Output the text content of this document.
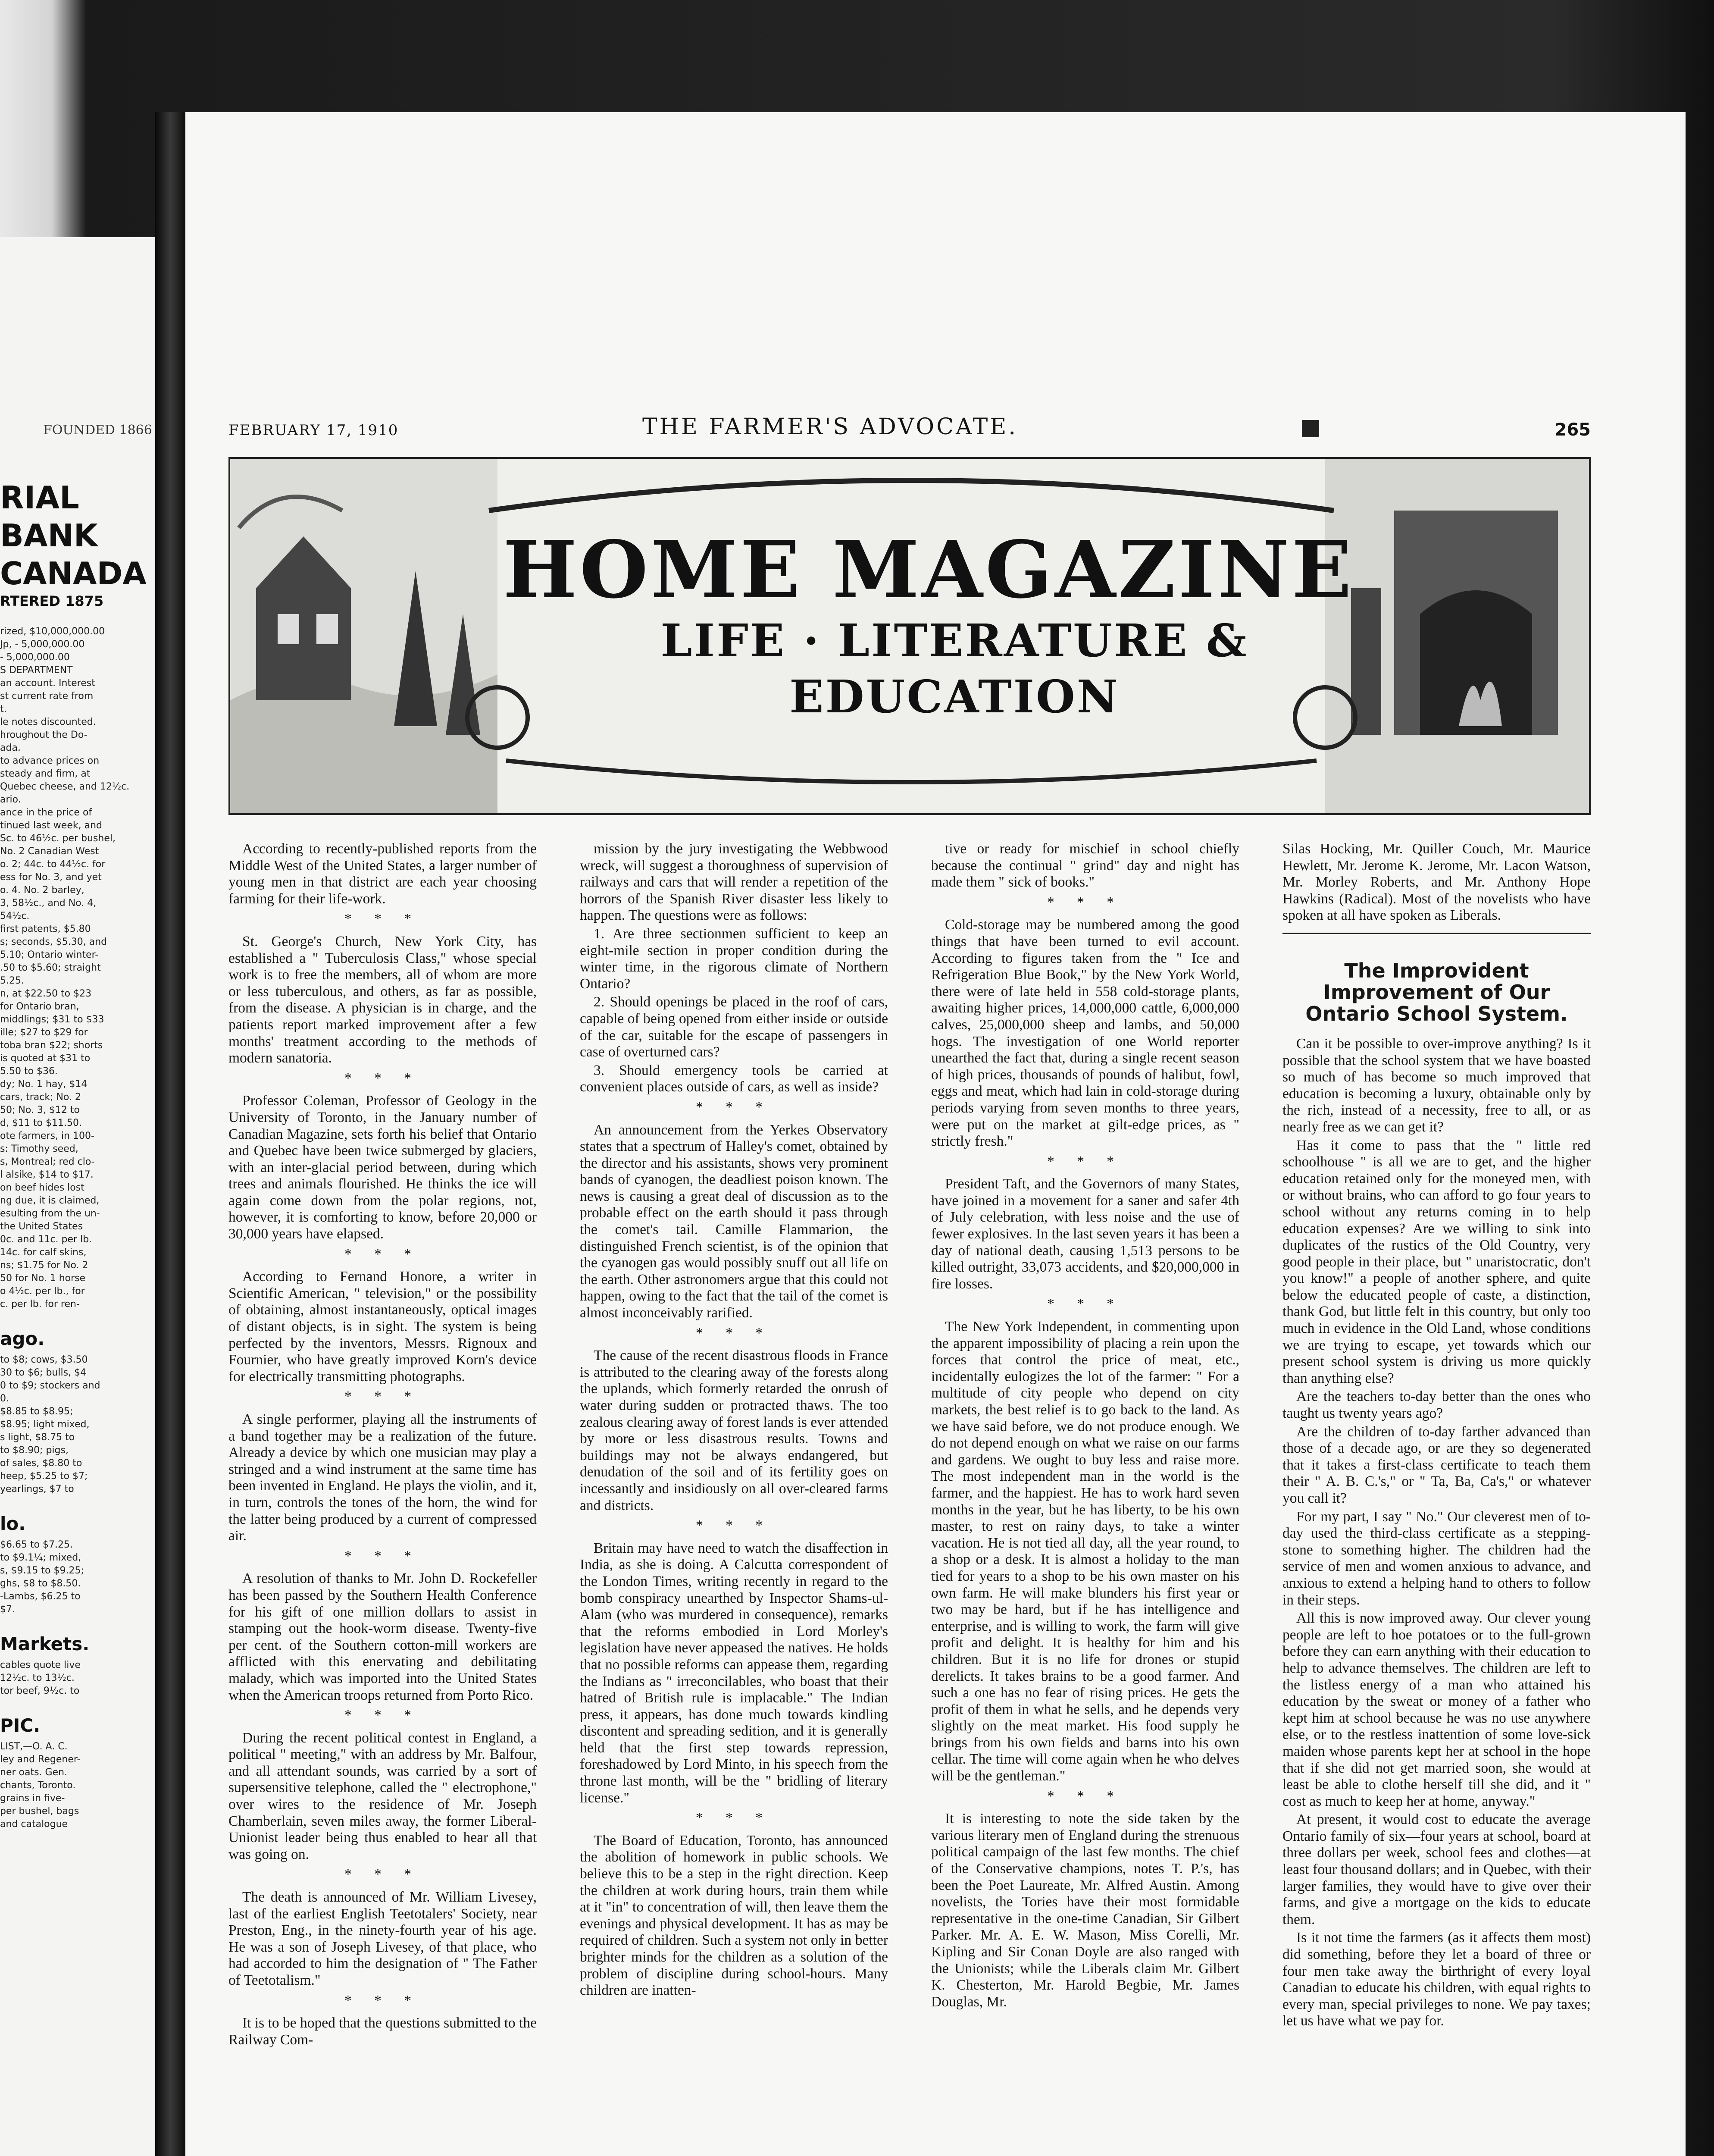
FOUNDED 1866
RIAL BANK
CANADA
RTERED 1875
rized, $10,000,000.00
Jp, - 5,000,000.00
- 5,000,000.00
S DEPARTMENT
an account. Interest
st current rate from
t.
le notes discounted.
hroughout the Do-
ada.
to advance prices on
steady and firm, at
Quebec cheese, and 12½c.
ario.
ance in the price of
tinued last week, and
Sc. to 46½c. per bushel,
No. 2 Canadian West
o. 2; 44c. to 44½c. for
ess for No. 3, and yet
o. 4. No. 2 barley,
3, 58½c., and No. 4,
54½c.
first patents, $5.80
s; seconds, $5.30, and
5.10; Ontario winter-
.50 to $5.60; straight
5.25.
n, at $22.50 to $23
for Ontario bran,
middlings; $31 to $33
ille; $27 to $29 for
toba bran $22; shorts
is quoted at $31 to
5.50 to $36.
dy; No. 1 hay, $14
cars, track; No. 2
50; No. 3, $12 to
d, $11 to $11.50.
ote farmers, in 100-
s: Timothy seed,
s, Montreal; red clo-
l alsike, $14 to $17.
on beef hides lost
ng due, it is claimed,
esulting from the un-
the United States
0c. and 11c. per lb.
14c. for calf skins,
ns; $1.75 for No. 2
50 for No. 1 horse
o 4½c. per lb., for
c. per lb. for ren-
ago.
to $8; cows, $3.50
30 to $6; bulls, $4
0 to $9; stockers and
0.
$8.85 to $8.95;
$8.95; light mixed,
s light, $8.75 to
to $8.90; pigs,
of sales, $8.80 to
heep, $5.25 to $7;
yearlings, $7 to
lo.
$6.65 to $7.25.
to $9.1¼; mixed,
s, $9.15 to $9.25;
ghs, $8 to $8.50.
-Lambs, $6.25 to
$7.
Markets.
cables quote live
12½c. to 13½c.
tor beef, 9½c. to
PIC.
LIST,—O. A. C.
ley and Regener-
ner oats. Gen.
chants, Toronto.
grains in five-
per bushel, bags
and catalogue
FEBRUARY 17, 1910	THE FARMER'S ADVOCATE.	265
HOME MAGAZINE
LIFE · LITERATURE &
EDUCATION

According to recently-published reports from the Middle West of the United States, a larger number of young men in that district are each year choosing farming for their life-work.

* * *

St. George's Church, New York City, has established a " Tuberculosis Class," whose special work is to free the members, all of whom are more or less tuberculous, and others, as far as possible, from the disease. A physician is in charge, and the patients report marked improvement after a few months' treatment according to the methods of modern sanatoria.

* * *

Professor Coleman, Professor of Geology in the University of Toronto, in the January number of Canadian Magazine, sets forth his belief that Ontario and Quebec have been twice submerged by glaciers, with an inter-glacial period between, during which trees and animals flourished. He thinks the ice will again come down from the polar regions, not, however, it is comforting to know, before 20,000 or 30,000 years have elapsed.

* * *

According to Fernand Honore, a writer in Scientific American, " television," or the possibility of obtaining, almost instantaneously, optical images of distant objects, is in sight. The system is being perfected by the inventors, Messrs. Rignoux and Fournier, who have greatly improved Korn's device for electrically transmitting photographs.

* * *

A single performer, playing all the instruments of a band together may be a realization of the future. Already a device by which one musician may play a stringed and a wind instrument at the same time has been invented in England. He plays the violin, and it, in turn, controls the tones of the horn, the wind for the latter being produced by a current of compressed air.

* * *

A resolution of thanks to Mr. John D. Rockefeller has been passed by the Southern Health Conference for his gift of one million dollars to assist in stamping out the hook-worm disease. Twenty-five per cent. of the Southern cotton-mill workers are afflicted with this enervating and debilitating malady, which was imported into the United States when the American troops returned from Porto Rico.

* * *

During the recent political contest in England, a political " meeting," with an address by Mr. Balfour, and all attendant sounds, was carried by a sort of supersensitive telephone, called the " electrophone," over wires to the residence of Mr. Joseph Chamberlain, seven miles away, the former Liberal-Unionist leader being thus enabled to hear all that was going on.

* * *

The death is announced of Mr. William Livesey, last of the earliest English Teetotalers' Society, near Preston, Eng., in the ninety-fourth year of his age. He was a son of Joseph Livesey, of that place, who had accorded to him the designation of " The Father of Teetotalism."

* * *

It is to be hoped that the questions submitted to the Railway Com-

mission by the jury investigating the Webbwood wreck, will suggest a thoroughness of supervision of railways and cars that will render a repetition of the horrors of the Spanish River disaster less likely to happen. The questions were as follows:

1. Are three sectionmen sufficient to keep an eight-mile section in proper condition during the winter time, in the rigorous climate of Northern Ontario?

2. Should openings be placed in the roof of cars, capable of being opened from either inside or outside of the car, suitable for the escape of passengers in case of overturned cars?

3. Should emergency tools be carried at convenient places outside of cars, as well as inside?

* * *

An announcement from the Yerkes Observatory states that a spectrum of Halley's comet, obtained by the director and his assistants, shows very prominent bands of cyanogen, the deadliest poison known. The news is causing a great deal of discussion as to the probable effect on the earth should it pass through the comet's tail. Camille Flammarion, the distinguished French scientist, is of the opinion that the cyanogen gas would possibly snuff out all life on the earth. Other astronomers argue that this could not happen, owing to the fact that the tail of the comet is almost inconceivably rarified.

* * *

The cause of the recent disastrous floods in France is attributed to the clearing away of the forests along the uplands, which formerly retarded the onrush of water during sudden or protracted thaws. The too zealous clearing away of forest lands is ever attended by more or less disastrous results. Towns and buildings may not be always endangered, but denudation of the soil and of its fertility goes on incessantly and insidiously on all over-cleared farms and districts.

* * *

Britain may have need to watch the disaffection in India, as she is doing. A Calcutta correspondent of the London Times, writing recently in regard to the bomb conspiracy unearthed by Inspector Shams-ul-Alam (who was murdered in consequence), remarks that the reforms embodied in Lord Morley's legislation have never appeased the natives. He holds that no possible reforms can appease them, regarding the Indians as " irreconcilables, who boast that their hatred of British rule is implacable." The Indian press, it appears, has done much towards kindling discontent and spreading sedition, and it is generally held that the first step towards repression, foreshadowed by Lord Minto, in his speech from the throne last month, will be the " bridling of literary license."

* * *

The Board of Education, Toronto, has announced the abolition of homework in public schools. We believe this to be a step in the right direction. Keep the children at work during hours, train them while at it "in" to concentration of will, then leave them the evenings and physical development. It has as may be required of children. Such a system not only in better brighter minds for the children as a solution of the problem of discipline during school-hours. Many children are inatten-

tive or ready for mischief in school chiefly because the continual " grind" day and night has made them " sick of books."

* * *

Cold-storage may be numbered among the good things that have been turned to evil account. According to figures taken from the " Ice and Refrigeration Blue Book," by the New York World, there were of late held in 558 cold-storage plants, awaiting higher prices, 14,000,000 cattle, 6,000,000 calves, 25,000,000 sheep and lambs, and 50,000 hogs. The investigation of one World reporter unearthed the fact that, during a single recent season of high prices, thousands of pounds of halibut, fowl, eggs and meat, which had lain in cold-storage during periods varying from seven months to three years, were put on the market at gilt-edge prices, as " strictly fresh."

* * *

President Taft, and the Governors of many States, have joined in a movement for a saner and safer 4th of July celebration, with less noise and the use of fewer explosives. In the last seven years it has been a day of national death, causing 1,513 persons to be killed outright, 33,073 accidents, and $20,000,000 in fire losses.

* * *

The New York Independent, in commenting upon the apparent impossibility of placing a rein upon the forces that control the price of meat, etc., incidentally eulogizes the lot of the farmer: " For a multitude of city people who depend on city markets, the best relief is to go back to the land. As we have said before, we do not produce enough. We do not depend enough on what we raise on our farms and gardens. We ought to buy less and raise more. The most independent man in the world is the farmer, and the happiest. He has to work hard seven months in the year, but he has liberty, to be his own master, to rest on rainy days, to take a winter vacation. He is not tied all day, all the year round, to a shop or a desk. It is almost a holiday to the man tied for years to a shop to be his own master on his own farm. He will make blunders his first year or two may be hard, but if he has intelligence and enterprise, and is willing to work, the farm will give profit and delight. It is healthy for him and his children. But it is no life for drones or stupid derelicts. It takes brains to be a good farmer. And such a one has no fear of rising prices. He gets the profit of them in what he sells, and he depends very slightly on the meat market. His food supply he brings from his own fields and barns into his own cellar. The time will come again when he who delves will be the gentleman."

* * *

It is interesting to note the side taken by the various literary men of England during the strenuous political campaign of the last few months. The chief of the Conservative champions, notes T. P.'s, has been the Poet Laureate, Mr. Alfred Austin. Among novelists, the Tories have their most formidable representative in the one-time Canadian, Sir Gilbert Parker. Mr. A. E. W. Mason, Miss Corelli, Mr. Kipling and Sir Conan Doyle are also ranged with the Unionists; while the Liberals claim Mr. Gilbert K. Chesterton, Mr. Harold Begbie, Mr. James Douglas, Mr.

Silas Hocking, Mr. Quiller Couch, Mr. Maurice Hewlett, Mr. Jerome K. Jerome, Mr. Lacon Watson, Mr. Morley Roberts, and Mr. Anthony Hope Hawkins (Radical). Most of the novelists who have spoken at all have spoken as Liberals.

The Improvident Improvement of Our Ontario School System.

Can it be possible to over-improve anything? Is it possible that the school system that we have boasted so much of has become so much improved that education is becoming a luxury, obtainable only by the rich, instead of a necessity, free to all, or as nearly free as we can get it?

Has it come to pass that the " little red schoolhouse " is all we are to get, and the higher education retained only for the moneyed men, with or without brains, who can afford to go four years to school without any returns coming in to help education expenses? Are we willing to sink into duplicates of the rustics of the Old Country, very good people in their place, but " unaristocratic, don't you know!" a people of another sphere, and quite below the educated people of caste, a distinction, thank God, but little felt in this country, but only too much in evidence in the Old Land, whose conditions we are trying to escape, yet towards which our present school system is driving us more quickly than anything else?

Are the teachers to-day better than the ones who taught us twenty years ago?

Are the children of to-day farther advanced than those of a decade ago, or are they so degenerated that it takes a first-class certificate to teach them their " A. B. C.'s," or " Ta, Ba, Ca's," or whatever you call it?

For my part, I say " No." Our cleverest men of to-day used the third-class certificate as a stepping-stone to something higher. The children had the service of men and women anxious to advance, and anxious to extend a helping hand to others to follow in their steps.

All this is now improved away. Our clever young people are left to hoe potatoes or to the full-grown before they can earn anything with their education to help to advance themselves. The children are left to the listless energy of a man who attained his education by the sweat or money of a father who kept him at school because he was no use anywhere else, or to the restless inattention of some love-sick maiden whose parents kept her at school in the hope that if she did not get married soon, she would at least be able to clothe herself till she did, and it " cost as much to keep her at home, anyway."

At present, it would cost to educate the average Ontario family of six—four years at school, board at three dollars per week, school fees and clothes—at least four thousand dollars; and in Quebec, with their larger families, they would have to give over their farms, and give a mortgage on the kids to educate them.

Is it not time the farmers (as it affects them most) did something, before they let a board of three or four men take away the birthright of every loyal Canadian to educate his children, with equal rights to every man, special privileges to none. We pay taxes; let us have what we pay for.
